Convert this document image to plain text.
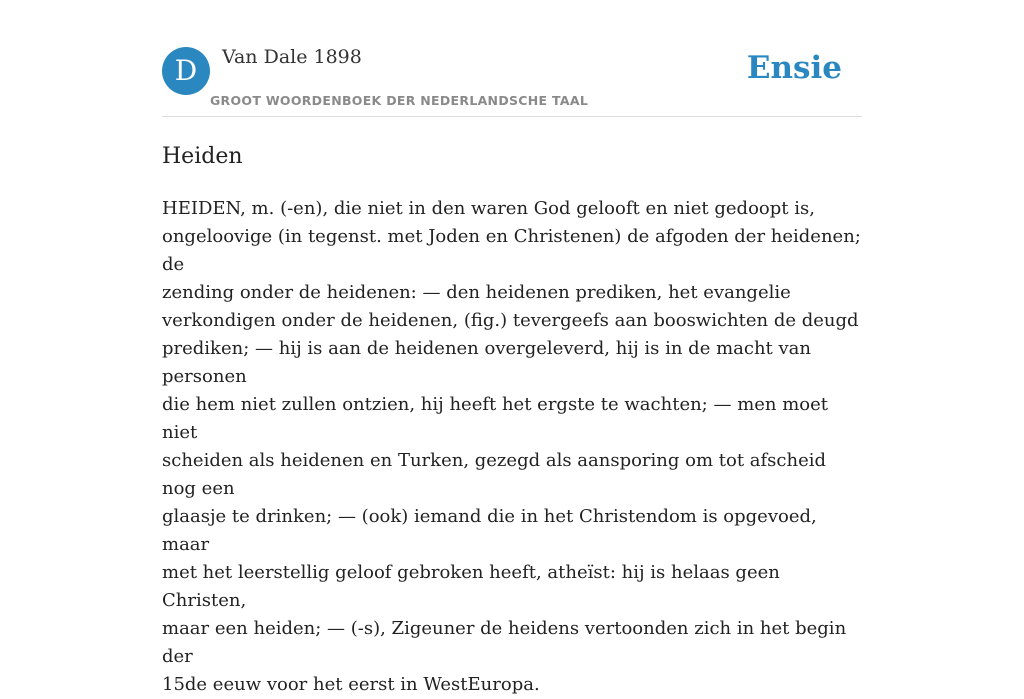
D	Van Dale 1898
GROOT WOORDENBOEK DER NEDERLANDSCHE TAAL
Ensie
Heiden
HEIDEN, m. (-en), die niet in den waren God gelooft en niet gedoopt is,
ongeloovige (in tegenst. met Joden en Christenen) de afgoden der heidenen; de
zending onder de heidenen: — den heidenen prediken, het evangelie
verkondigen onder de heidenen, (fig.) tevergeefs aan booswichten de deugd
prediken; — hij is aan de heidenen overgeleverd, hij is in de macht van personen
die hem niet zullen ontzien, hij heeft het ergste te wachten; — men moet niet
scheiden als heidenen en Turken, gezegd als aansporing om tot afscheid nog een
glaasje te drinken; — (ook) iemand die in het Christendom is opgevoed, maar
met het leerstellig geloof gebroken heeft, atheïst: hij is helaas geen Christen,
maar een heiden; — (-s), Zigeuner de heidens vertoonden zich in het begin der
15de eeuw voor het eerst in WestEuropa.
